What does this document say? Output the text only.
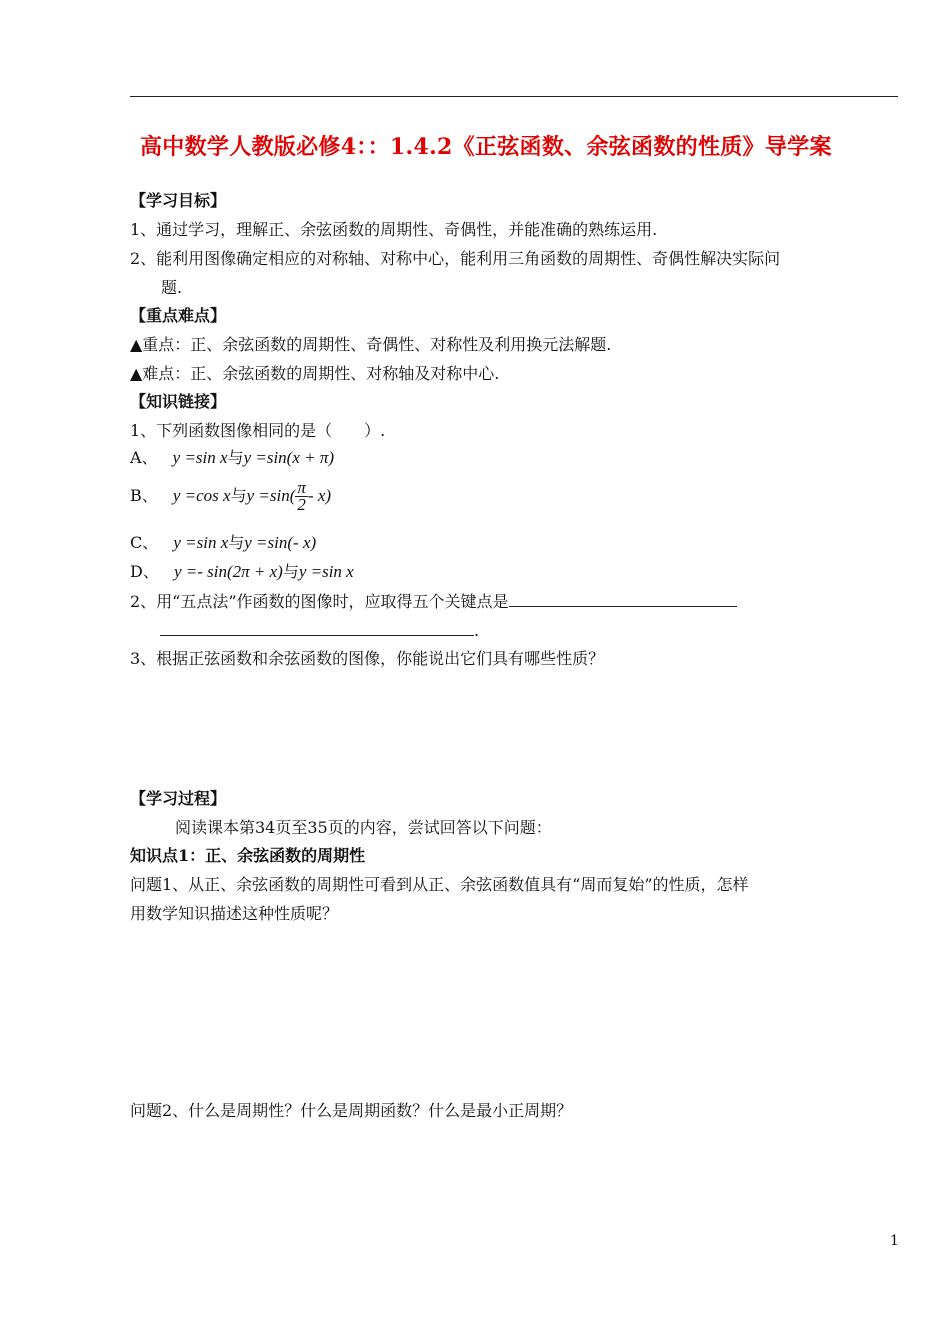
高中数学人教版必修4：：1.4.2《正弦函数、余弦函数的性质》导学案
【学习目标】
1、通过学习，理解正、余弦函数的周期性、奇偶性，并能准确的熟练运用.
2、能利用图像确定相应的对称轴、对称中心，能利用三角函数的周期性、奇偶性解决实际问
题.
【重点难点】
▲重点：正、余弦函数的周期性、奇偶性、对称性及利用换元法解题.
▲难点：正、余弦函数的周期性、对称轴及对称中心.
【知识链接】
1、下列函数图像相同的是（　　）.
A、 y =sin x与y =sin(x + π)
B、 y =cos x与$y =\sin( \frac{\pi}{2} - x)$
C、 y =sin x与y =sin(- x)
D、 y =- sin(2π + x)与y =sin x
2、用“五点法”作函数的图像时，应取得五个关键点是
.
3、根据正弦函数和余弦函数的图像，你能说出它们具有哪些性质？
【学习过程】
阅读课本第34页至35页的内容，尝试回答以下问题：
知识点1：正、余弦函数的周期性
问题1、从正、余弦函数的周期性可看到从正、余弦函数值具有“周而复始”的性质，怎样
用数学知识描述这种性质呢？
问题2、什么是周期性？什么是周期函数？什么是最小正周期？
1
